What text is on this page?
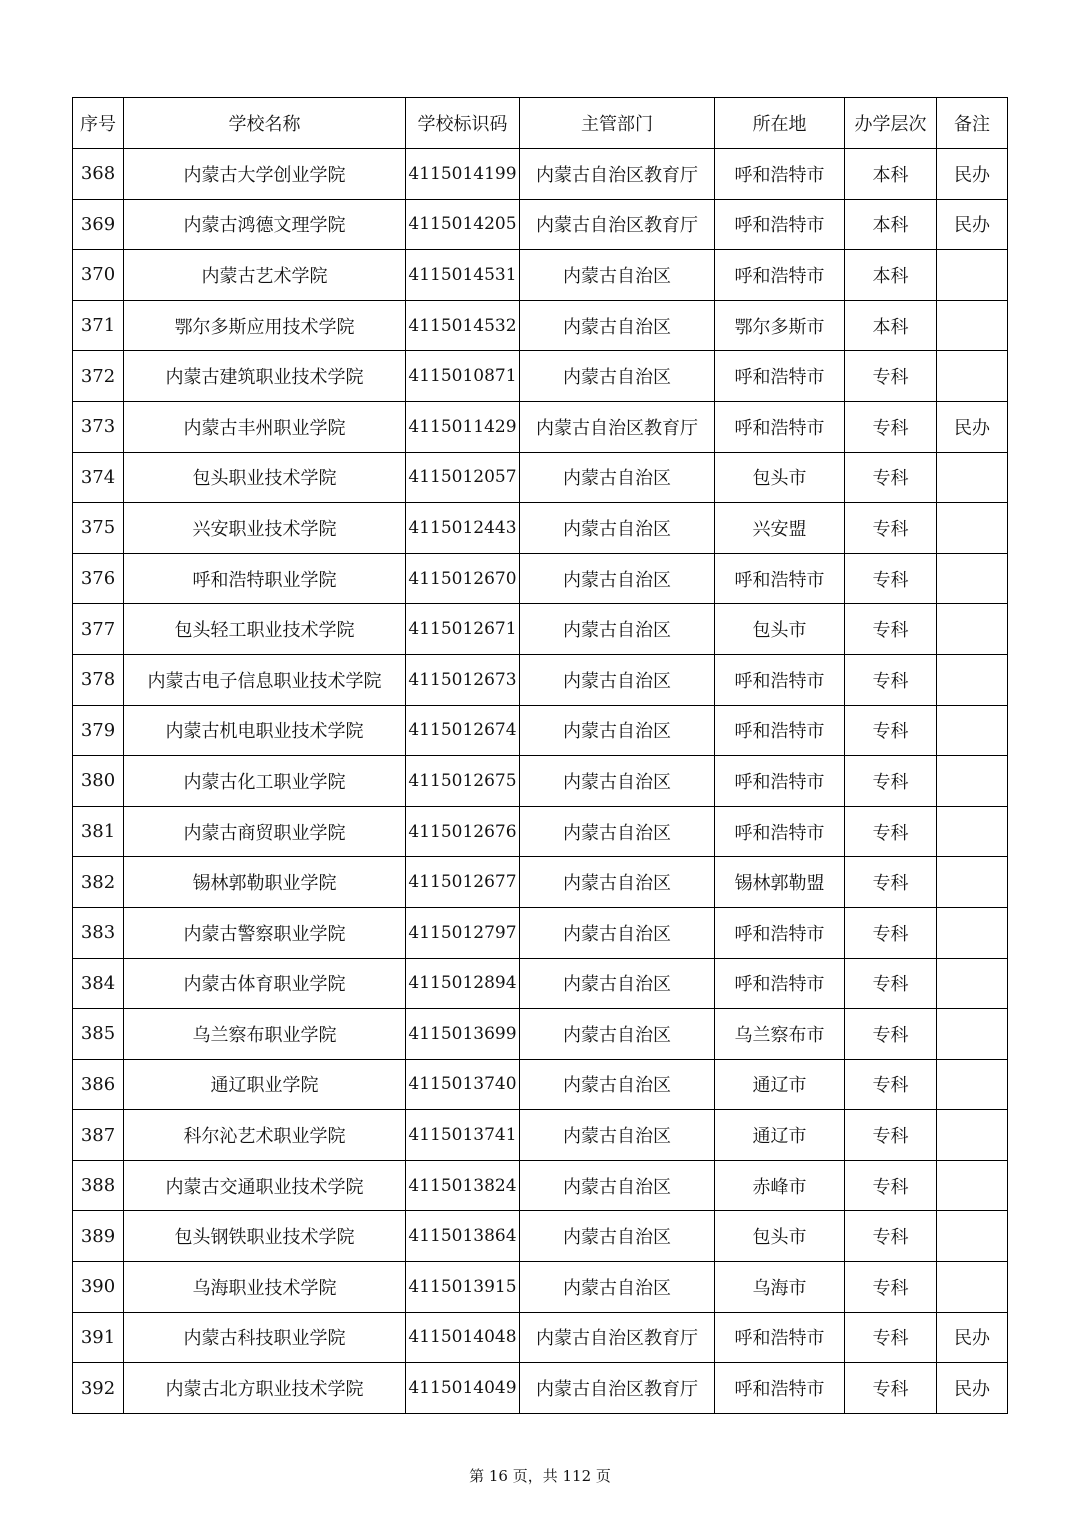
序号	学校名称	学校标识码	主管部门	所在地	办学层次	备注
368	内蒙古大学创业学院	4115014199	内蒙古自治区教育厅	呼和浩特市	本科	民办
369	内蒙古鸿德文理学院	4115014205	内蒙古自治区教育厅	呼和浩特市	本科	民办
370	内蒙古艺术学院	4115014531	内蒙古自治区	呼和浩特市	本科	
371	鄂尔多斯应用技术学院	4115014532	内蒙古自治区	鄂尔多斯市	本科	
372	内蒙古建筑职业技术学院	4115010871	内蒙古自治区	呼和浩特市	专科	
373	内蒙古丰州职业学院	4115011429	内蒙古自治区教育厅	呼和浩特市	专科	民办
374	包头职业技术学院	4115012057	内蒙古自治区	包头市	专科	
375	兴安职业技术学院	4115012443	内蒙古自治区	兴安盟	专科	
376	呼和浩特职业学院	4115012670	内蒙古自治区	呼和浩特市	专科	
377	包头轻工职业技术学院	4115012671	内蒙古自治区	包头市	专科	
378	内蒙古电子信息职业技术学院	4115012673	内蒙古自治区	呼和浩特市	专科	
379	内蒙古机电职业技术学院	4115012674	内蒙古自治区	呼和浩特市	专科	
380	内蒙古化工职业学院	4115012675	内蒙古自治区	呼和浩特市	专科	
381	内蒙古商贸职业学院	4115012676	内蒙古自治区	呼和浩特市	专科	
382	锡林郭勒职业学院	4115012677	内蒙古自治区	锡林郭勒盟	专科	
383	内蒙古警察职业学院	4115012797	内蒙古自治区	呼和浩特市	专科	
384	内蒙古体育职业学院	4115012894	内蒙古自治区	呼和浩特市	专科	
385	乌兰察布职业学院	4115013699	内蒙古自治区	乌兰察布市	专科	
386	通辽职业学院	4115013740	内蒙古自治区	通辽市	专科	
387	科尔沁艺术职业学院	4115013741	内蒙古自治区	通辽市	专科	
388	内蒙古交通职业技术学院	4115013824	内蒙古自治区	赤峰市	专科	
389	包头钢铁职业技术学院	4115013864	内蒙古自治区	包头市	专科	
390	乌海职业技术学院	4115013915	内蒙古自治区	乌海市	专科	
391	内蒙古科技职业学院	4115014048	内蒙古自治区教育厅	呼和浩特市	专科	民办
392	内蒙古北方职业技术学院	4115014049	内蒙古自治区教育厅	呼和浩特市	专科	民办
第 16 页，共 112 页
